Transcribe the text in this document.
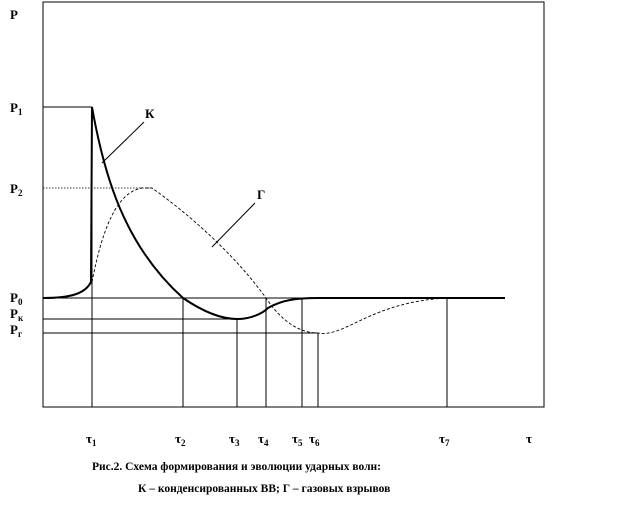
К
Г
P
τ
$P_1$
$P_2$
$P_0$
$P_к$
$P_г$
$\tau_1$	$\tau_2$	$\tau_3$ $\tau_4$ $\tau_5$ $\tau_6$	$\tau_7$
Рис.2. Схема формирования и эволюции ударных волн:
К – конденсированных ВВ; Г – газовых взрывов
